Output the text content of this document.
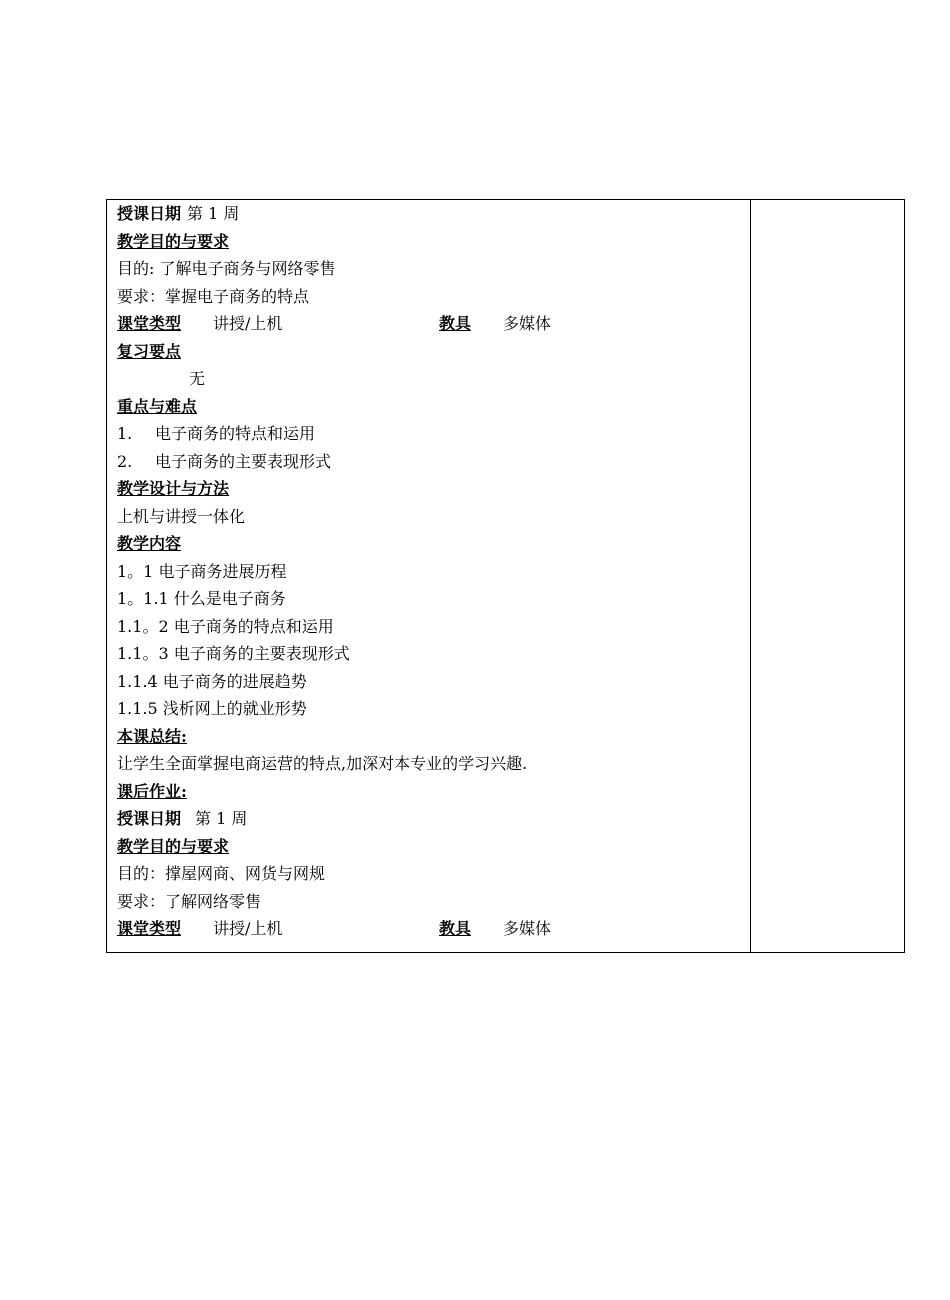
授课日期 第 1 周
教学目的与要求
目的: 了解电子商务与网络零售
要求：掌握电子商务的特点
课堂类型 讲授/上机	教具 多媒体
复习要点
无
重点与难点
1. 电子商务的特点和运用
2. 电子商务的主要表现形式
教学设计与方法
上机与讲授一体化
教学内容
1。1 电子商务进展历程
1。1.1 什么是电子商务
1.1。2 电子商务的特点和运用
1.1。3 电子商务的主要表现形式
1.1.4 电子商务的进展趋势
1.1.5 浅析网上的就业形势
本课总结:
让学生全面掌握电商运营的特点,加深对本专业的学习兴趣.
课后作业:
授课日期 第 1 周
教学目的与要求
目的：撑屋网商、网货与网规
要求：了解网络零售
课堂类型 讲授/上机	教具 多媒体
